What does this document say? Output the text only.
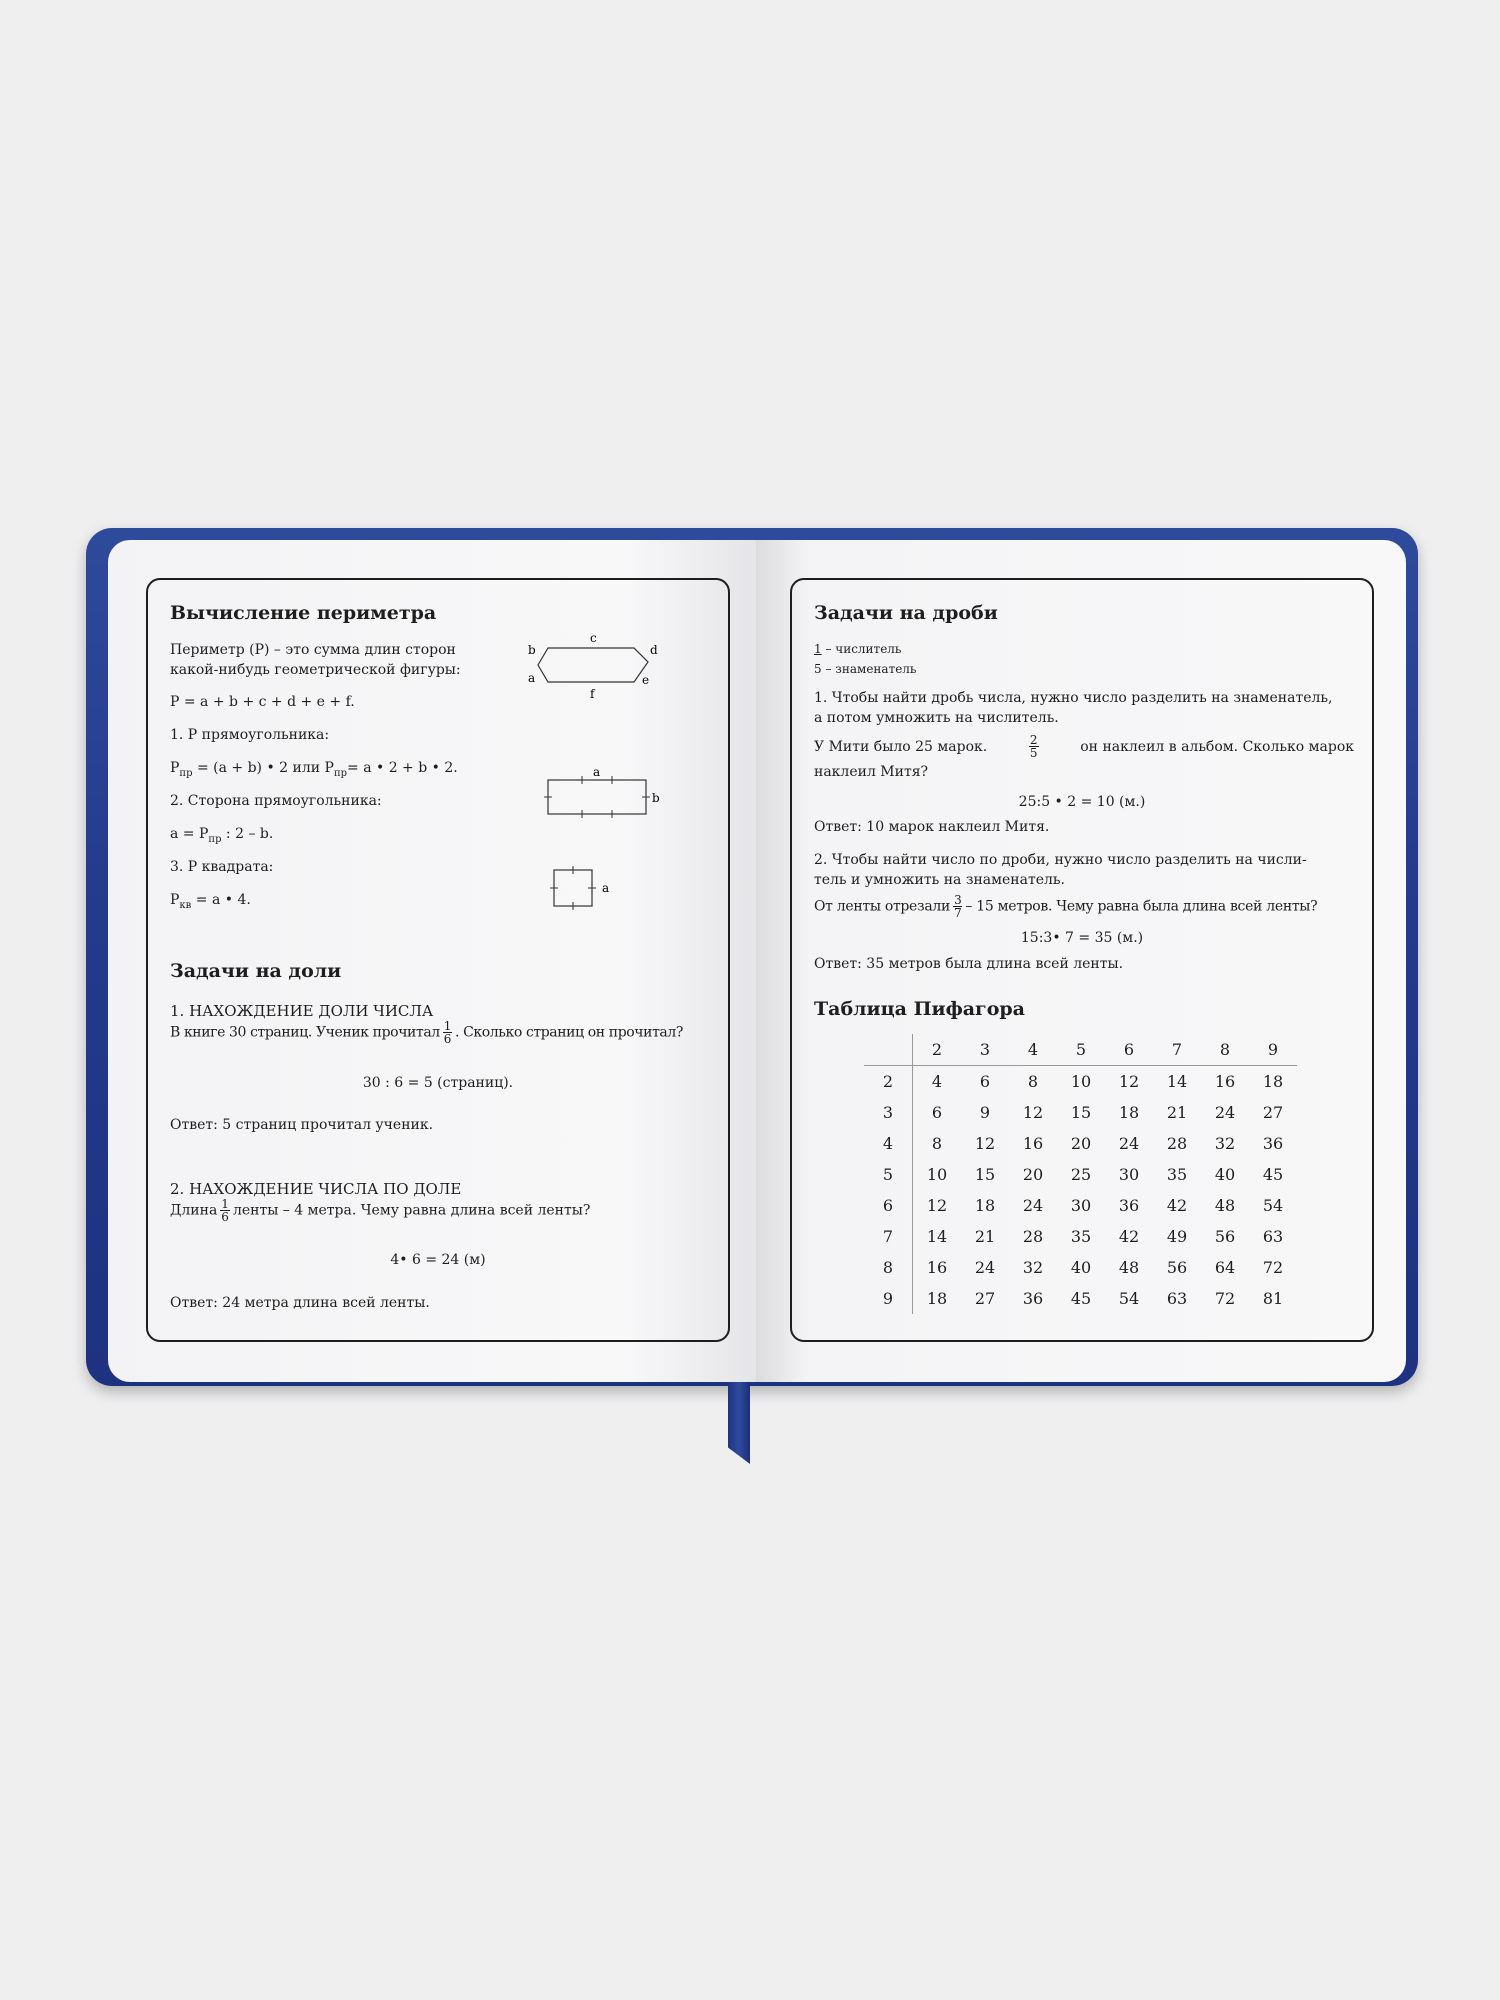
Вычисление периметра
Периметр (Р) – это сумма длин сторон
какой-нибудь геометрической фигуры:
Р = a + b + c + d + e + f.
1. Р прямоугольника:
$Р_{пр} = (a + b)$ • 2 или $Р_{пр}= a$ • 2 + b • 2.
2. Сторона прямоугольника:
$a = Р_{пр}$ : 2 – b.
3. Р квадрата:
$Р_{кв} = a$ • 4.
c
b	d
a	e
f
a
b
a
Задачи на доли
1. НАХОЖДЕНИЕ ДОЛИ ЧИСЛА
В книге 30 страниц. Ученик прочитал $\frac{1}{6}$ . Сколько страниц он прочитал?
30 : 6 = 5 (страниц).
Ответ: 5 страниц прочитал ученик.
2. НАХОЖДЕНИЕ ЧИСЛА ПО ДОЛЕ
Длина $\frac{1}{6}$ ленты – 4 метра. Чему равна длина всей ленты?
4• 6 = 24 (м)
Ответ: 24 метра длина всей ленты.
Задачи на дроби
1 – числитель
5 – знаменатель
1. Чтобы найти дробь числа, нужно число разделить на знаменатель,
а потом умножить на числитель.
У Мити было 25 марок.	$\frac{2}{5}$	он наклеил в альбом. Сколько марок
наклеил Митя?
25:5 • 2 = 10 (м.)
Ответ: 10 марок наклеил Митя.
2. Чтобы найти число по дроби, нужно число разделить на числи-
тель и умножить на знаменатель.
От ленты отрезали $\frac{3}{7} - 15$ метров. Чему равна была длина всей ленты?
15:3• 7 = 35 (м.)
Ответ: 35 метров была длина всей ленты.
Таблица Пифагора
	2	3	4	5	6	7	8	9
2	4	6	8	10	12	14	16	18
3	6	9	12	15	18	21	24	27
4	8	12	16	20	24	28	32	36
5	10	15	20	25	30	35	40	45
6	12	18	24	30	36	42	48	54
7	14	21	28	35	42	49	56	63
8	16	24	32	40	48	56	64	72
9	18	27	36	45	54	63	72	81
